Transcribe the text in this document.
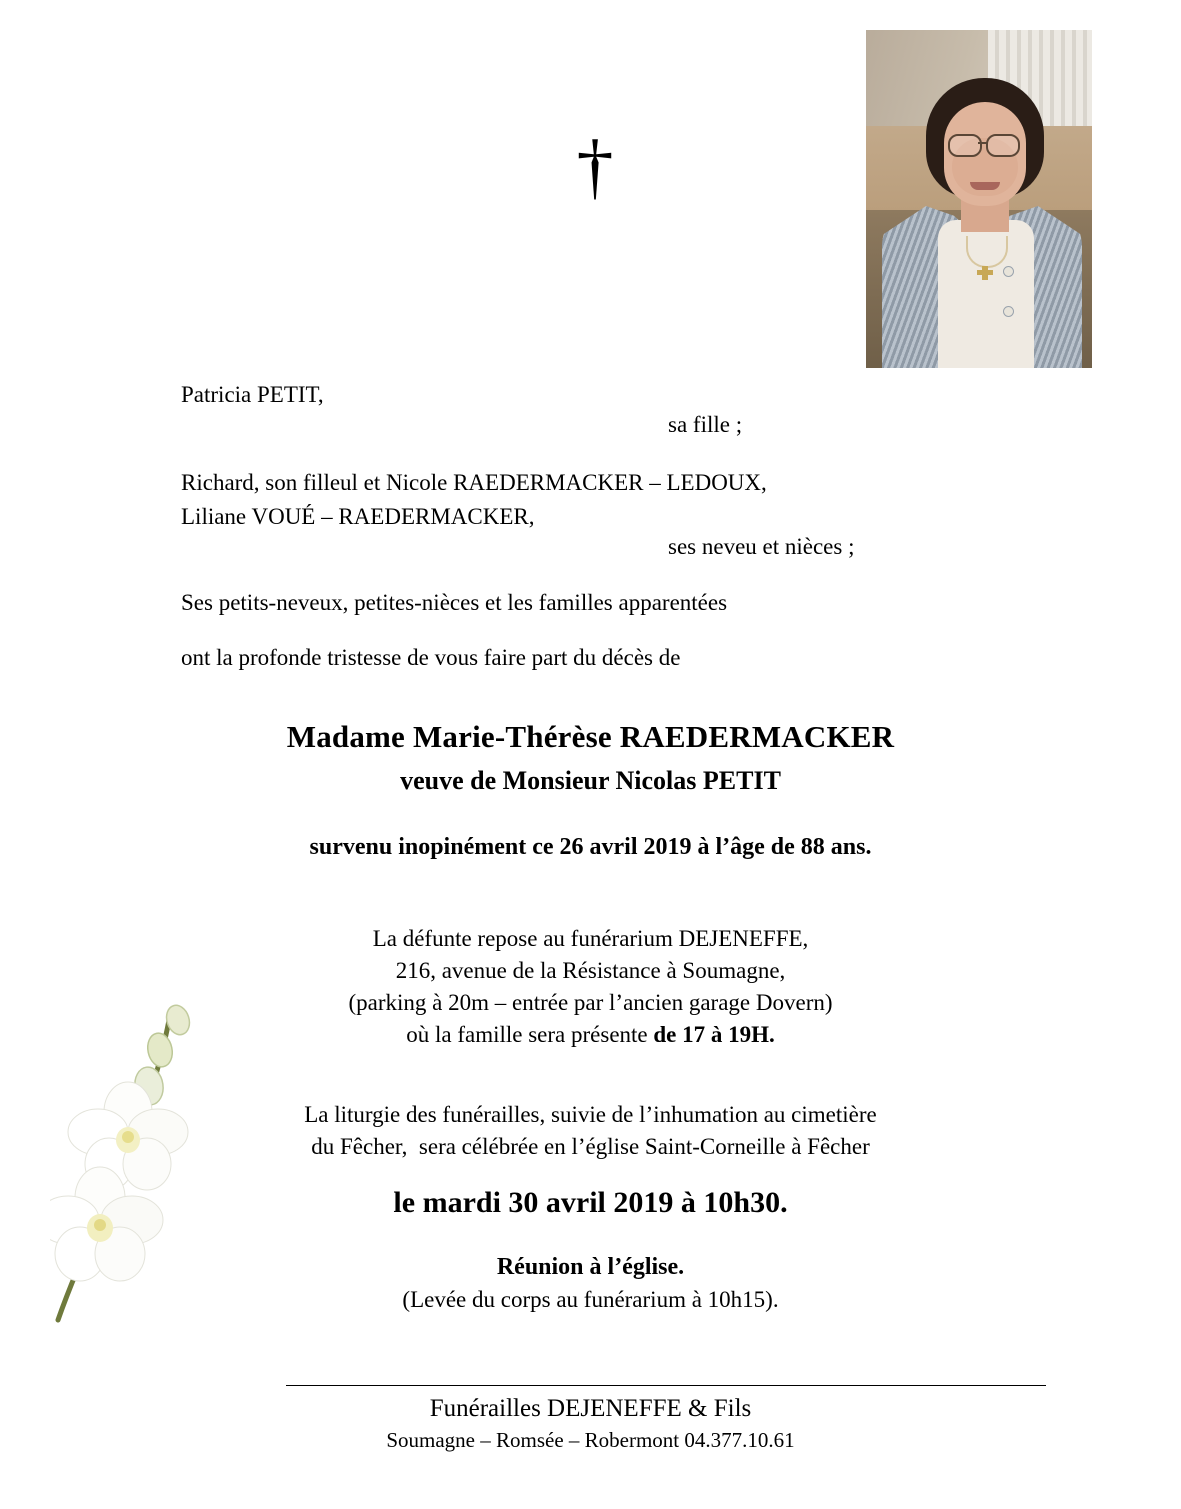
†
Patricia PETIT,
sa fille ;
Richard, son filleul et Nicole RAEDERMACKER – LEDOUX,
Liliane VOUÉ – RAEDERMACKER,
ses neveu et nièces ;
Ses petits-neveux, petites-nièces et les familles apparentées
ont la profonde tristesse de vous faire part du décès de
Madame Marie-Thérèse RAEDERMACKER
veuve de Monsieur Nicolas PETIT
survenu inopinément ce 26 avril 2019 à l’âge de 88 ans.
La défunte repose au funérarium DEJENEFFE,
216, avenue de la Résistance à Soumagne,
(parking à 20m – entrée par l’ancien garage Dovern)
où la famille sera présente de 17 à 19H.
La liturgie des funérailles, suivie de l’inhumation au cimetière
du Fêcher,  sera célébrée en l’église Saint-Corneille à Fêcher
le mardi 30 avril 2019 à 10h30.
Réunion à l’église.
(Levée du corps au funérarium à 10h15).
Funérailles DEJENEFFE & Fils
Soumagne – Romsée – Robermont 04.377.10.61
